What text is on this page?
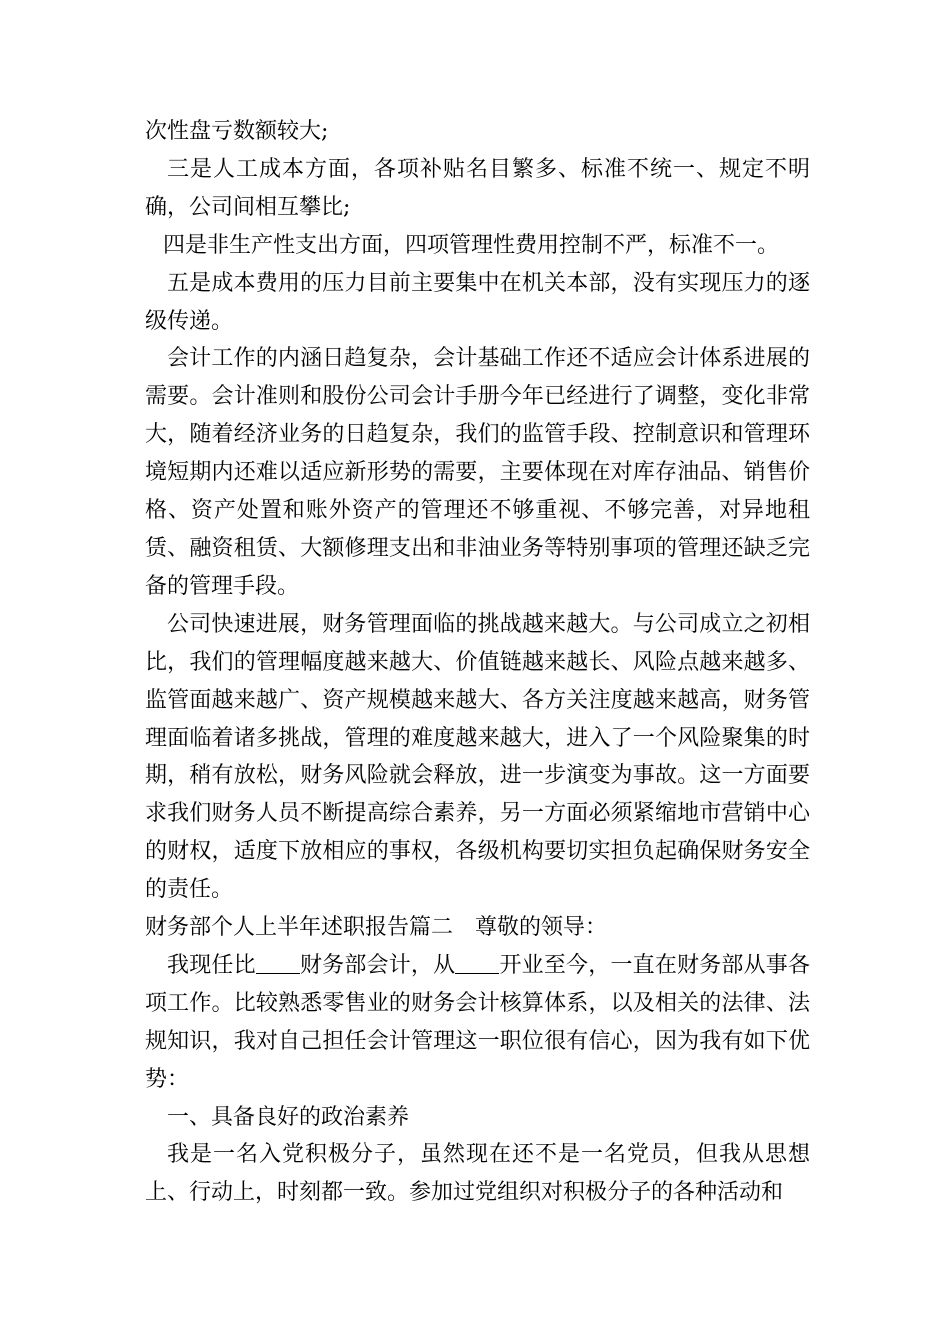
次性盘亏数额较大;

三是人工成本方面，各项补贴名目繁多、标准不统一、规定不明确，公司间相互攀比;

四是非生产性支出方面，四项管理性费用控制不严，标准不一。

五是成本费用的压力目前主要集中在机关本部，没有实现压力的逐级传递。

会计工作的内涵日趋复杂，会计基础工作还不适应会计体系进展的需要。会计准则和股份公司会计手册今年已经进行了调整，变化非常大，随着经济业务的日趋复杂，我们的监管手段、控制意识和管理环境短期内还难以适应新形势的需要，主要体现在对库存油品、销售价格、资产处置和账外资产的管理还不够重视、不够完善，对异地租赁、融资租赁、大额修理支出和非油业务等特别事项的管理还缺乏完备的管理手段。

公司快速进展，财务管理面临的挑战越来越大。与公司成立之初相比，我们的管理幅度越来越大、价值链越来越长、风险点越来越多、监管面越来越广、资产规模越来越大、各方关注度越来越高，财务管理面临着诸多挑战，管理的难度越来越大，进入了一个风险聚集的时期，稍有放松，财务风险就会释放，进一步演变为事故。这一方面要求我们财务人员不断提高综合素养，另一方面必须紧缩地市营销中心的财权，适度下放相应的事权，各级机构要切实担负起确保财务安全的责任。

财务部个人上半年述职报告篇二　尊敬的领导：

我现任比 财务部会计，从 开业至今，一直在财务部从事各项工作。比较熟悉零售业的财务会计核算体系，以及相关的法律、法规知识，我对自己担任会计管理这一职位很有信心，因为我有如下优势：

一、具备良好的政治素养

我是一名入党积极分子，虽然现在还不是一名党员，但我从思想上、行动上，时刻都一致。参加过党组织对积极分子的各种活动和
